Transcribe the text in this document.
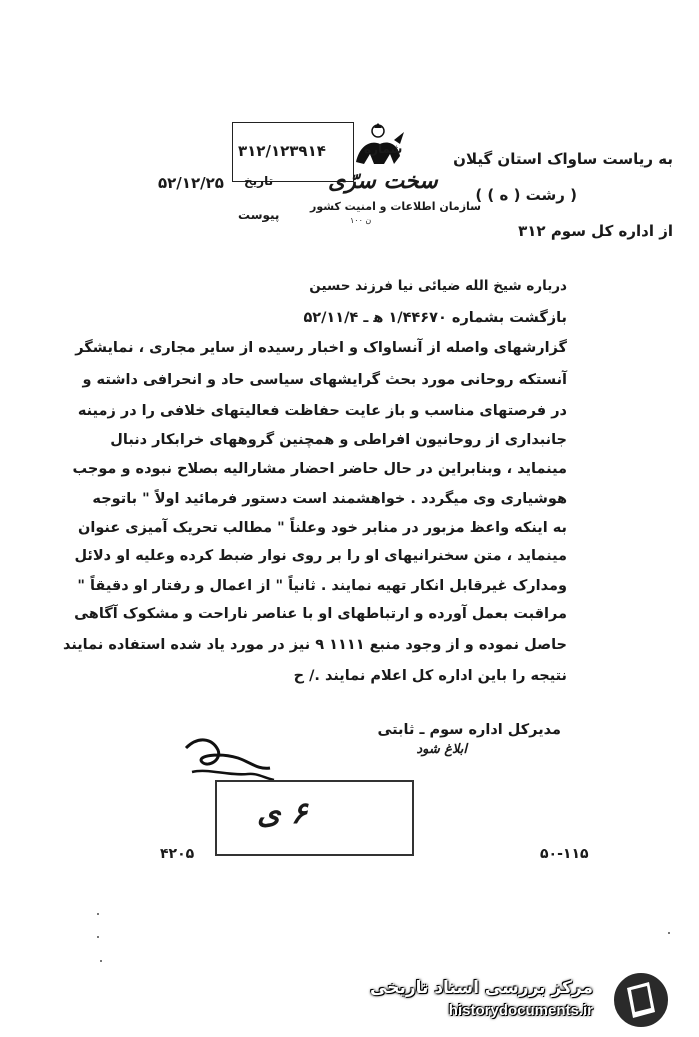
به ریاست ساواک استان گیلان
( رشت ( ه ) )
از اداره کل سوم ۳۱۲
۳۱۲/۱۲۳۹۱۴	شماره
۵۲/۱۲/۲۵ تاریخ
پیوست
سخت سرّی
سازمان اطلاعات و امنیت کشور
ن ۱۰۰
درباره شیخ الله ضیائی نیا فرزند حسین
بازگشت بشماره ۱/۴۴۶۷۰ ه‍ ـ ۵۲/۱۱/۴
گزارشهای واصله از آنساواک و اخبار رسیده از سایر مجاری ، نمایشگر
آنستکه روحانی مورد بحث گرایشهای سیاسی حاد و انحرافی داشته و
در فرصتهای مناسب و باز عایت حفاظت فعالیتهای خلافی را در زمینه
جانبداری از روحانیون افراطی و همچنین گروههای خرابکار دنبال
مینماید ، وبنابراین در حال حاضر احضار مشارالیه بصلاح نبوده و موجب
هوشیاری وی میگردد . خواهشمند است دستور فرمائید اولاً " باتوجه
به اینکه واعظ مزبور در منابر خود وعلناً " مطالب تحریک آمیزی عنوان
مینماید ، متن سخنرانیهای او را بر روی نوار ضبط کرده وعلیه او دلائل
ومدارک غیرقابل انکار تهیه نمایند . ثانیاً " از اعمال و رفتار او دقیقاً "
مراقبت بعمل آورده و ارتباطهای او با عناصر ناراحت و مشکوک آگاهی
حاصل نموده و از وجود منبع ۱۱۱۱ ۹ نیز در مورد یاد شده استفاده نمایند
نتیجه را باین اداره کل اعلام نمایند ./ ح
مدیرکل اداره سوم ـ ثابتی
ابلاغ شود
۶ ی
۴۲۰۵	۵۰-۱۱۵
مرکز بررسی اسناد تاریخی
historydocuments.ir
